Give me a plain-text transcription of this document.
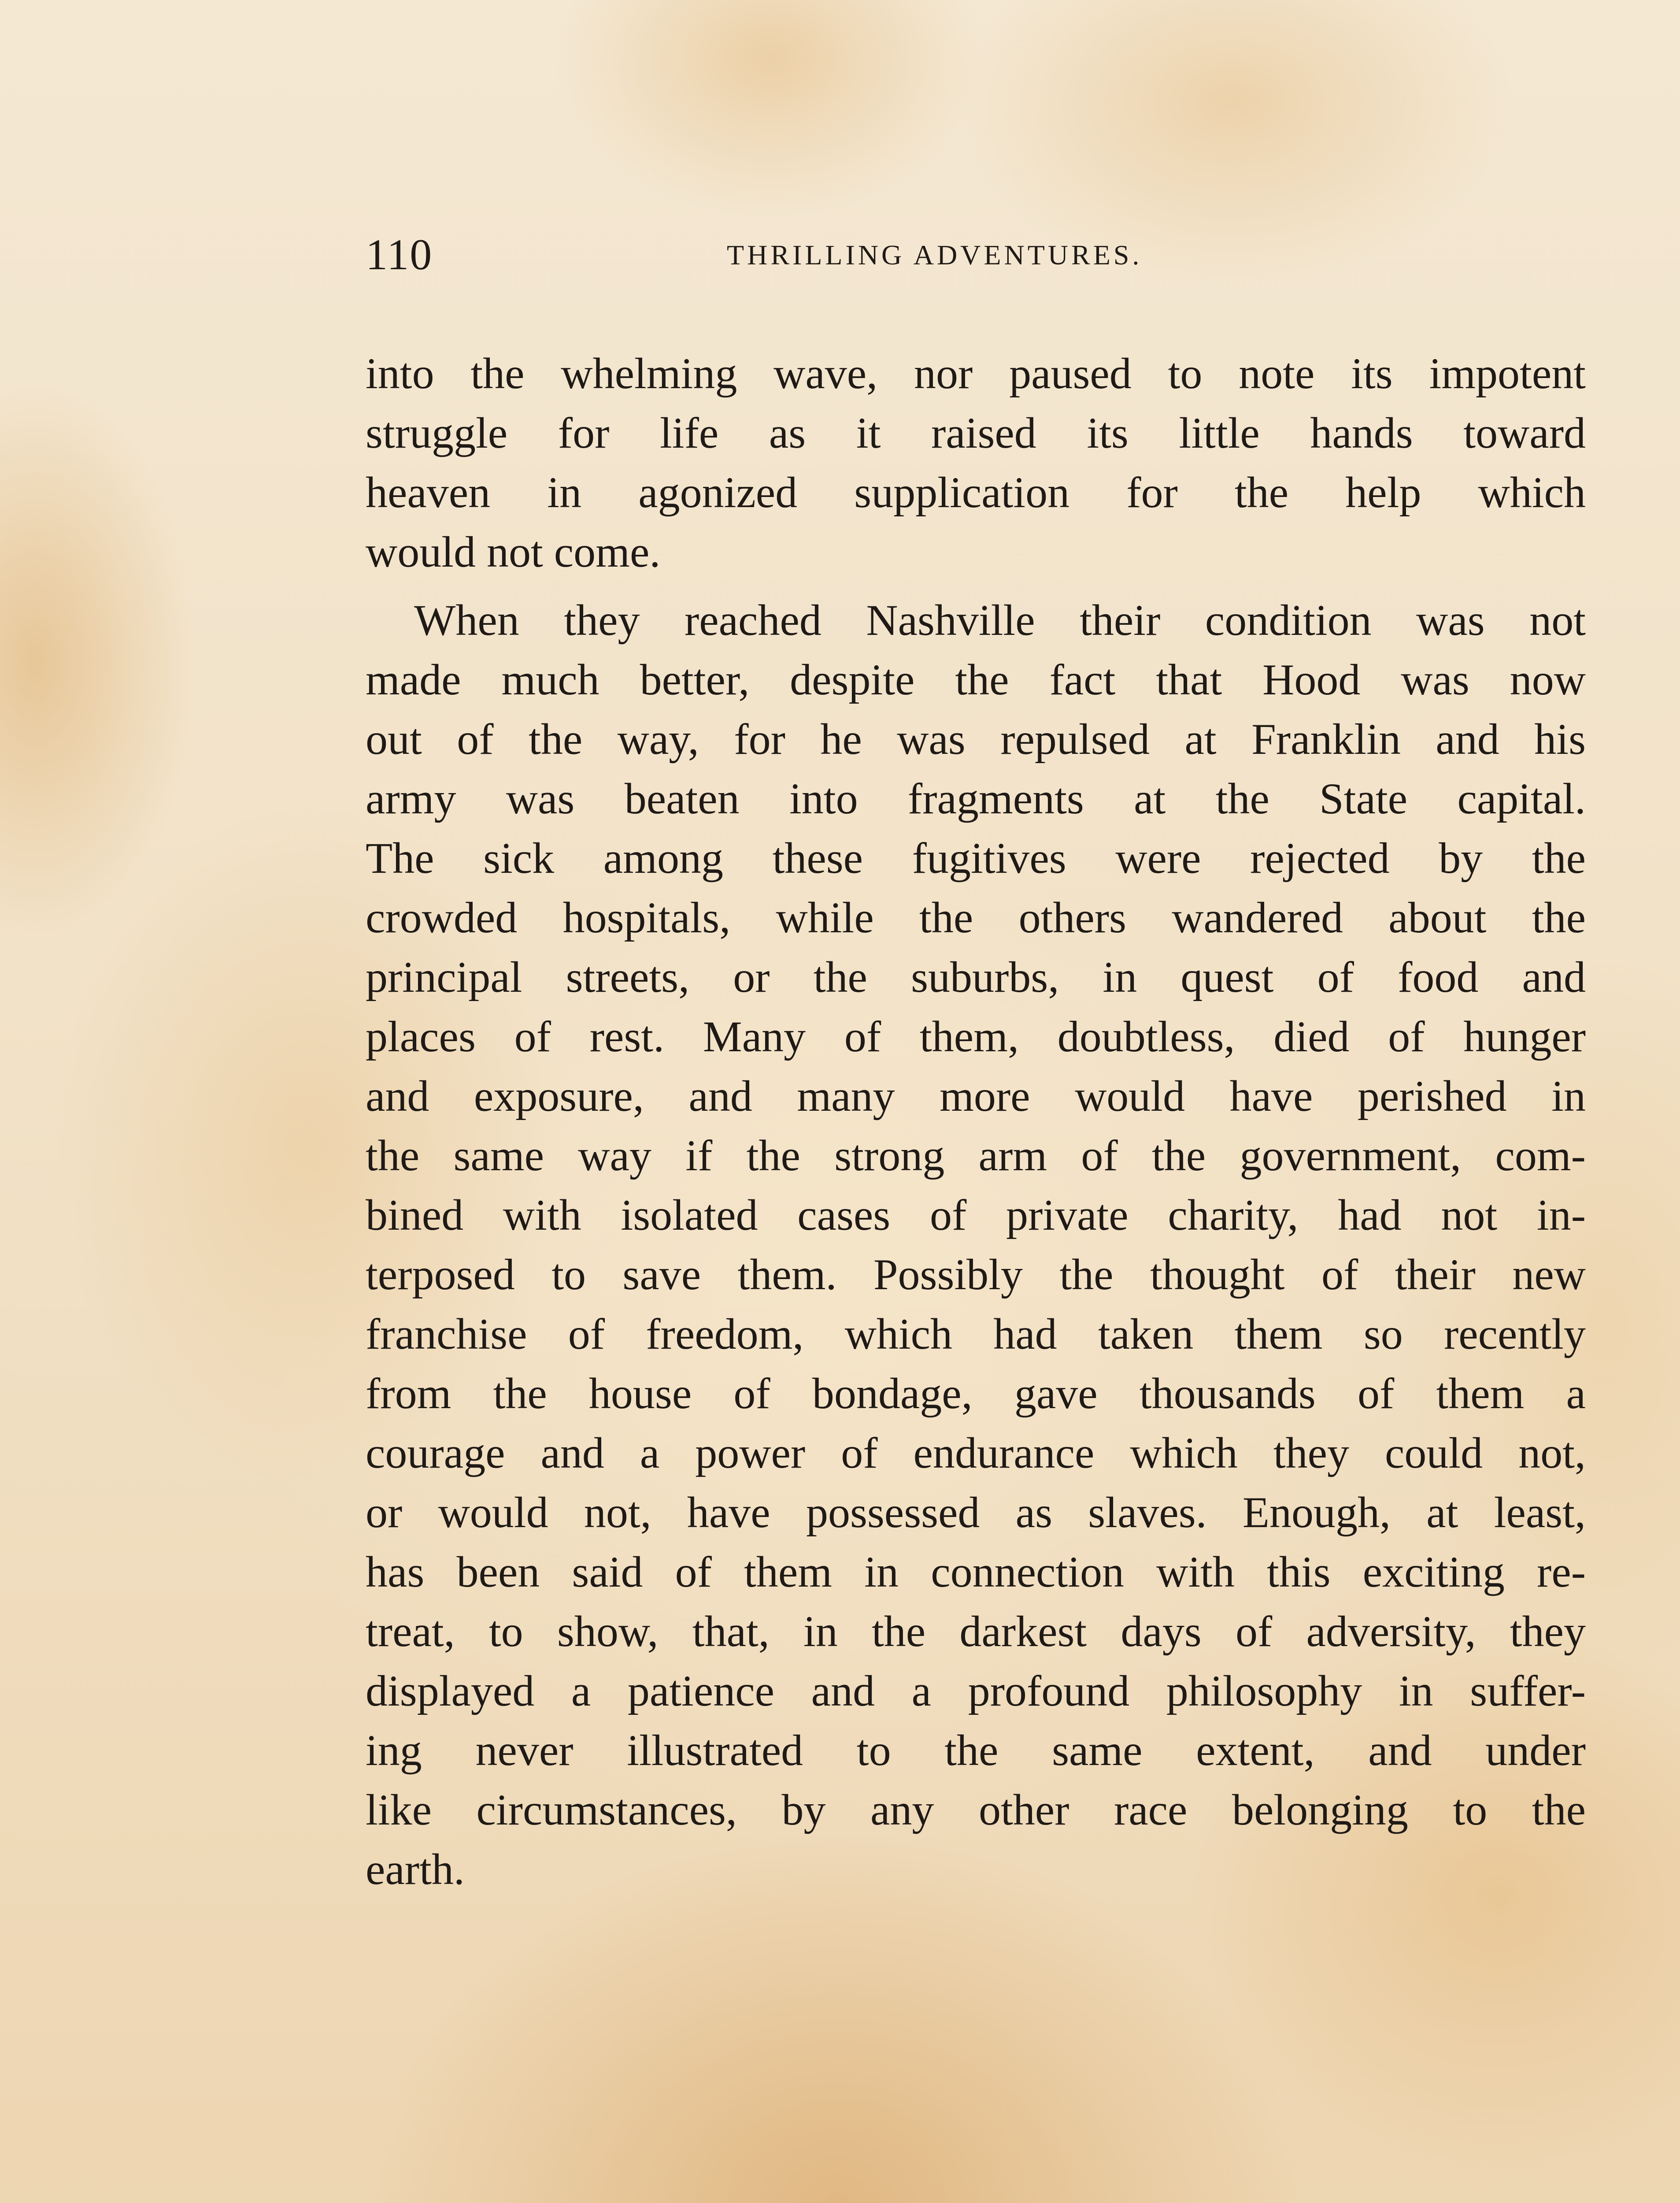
110	THRILLING ADVENTURES.

into the whelming wave, nor paused to note its impotent
struggle for life as it raised its little hands toward
heaven in agonized supplication for the help which
would not come.

When they reached Nashville their condition was not
made much better, despite the fact that Hood was now
out of the way, for he was repulsed at Franklin and his
army was beaten into fragments at the State capital.
The sick among these fugitives were rejected by the
crowded hospitals, while the others wandered about the
principal streets, or the suburbs, in quest of food and
places of rest. Many of them, doubtless, died of hunger
and exposure, and many more would have perished in
the same way if the strong arm of the government, com-
bined with isolated cases of private charity, had not in-
terposed to save them. Possibly the thought of their new
franchise of freedom, which had taken them so recently
from the house of bondage, gave thousands of them a
courage and a power of endurance which they could not,
or would not, have possessed as slaves. Enough, at least,
has been said of them in connection with this exciting re-
treat, to show, that, in the darkest days of adversity, they
displayed a patience and a profound philosophy in suffer-
ing never illustrated to the same extent, and under
like circumstances, by any other race belonging to the
earth.
